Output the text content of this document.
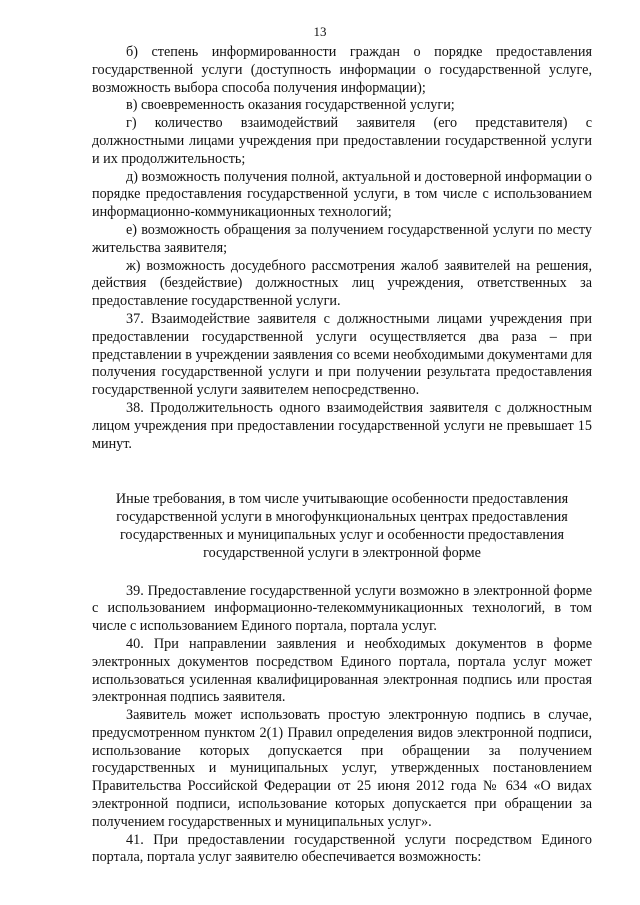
13

б) степень информированности граждан о порядке предоставления государственной услуги (доступность информации о государственной услуге, возможность выбора способа получения информации);

в) своевременность оказания государственной услуги;

г) количество взаимодействий заявителя (его представителя) с должностными лицами учреждения при предоставлении государственной услуги и их продолжительность;

д) возможность получения полной, актуальной и достоверной информации о порядке предоставления государственной услуги, в том числе с использованием информационно-коммуникационных технологий;

е) возможность обращения за получением государственной услуги по месту жительства заявителя;

ж) возможность досудебного рассмотрения жалоб заявителей на решения, действия (бездействие) должностных лиц учреждения, ответственных за предоставление государственной услуги.

37. Взаимодействие заявителя с должностными лицами учреждения при предоставлении государственной услуги осуществляется два раза – при представлении в учреждении заявления со всеми необходимыми документами для получения государственной услуги и при получении результата предоставления государственной услуги заявителем непосредственно.

38. Продолжительность одного взаимодействия заявителя с должностным лицом учреждения при предоставлении государственной услуги не превышает 15 минут.

Иные требования, в том числе учитывающие особенности предоставления государственной услуги в многофункциональных центрах предоставления государственных и муниципальных услуг и особенности предоставления государственной услуги в электронной форме

39. Предоставление государственной услуги возможно в электронной форме с использованием информационно-телекоммуникационных технологий, в том числе с использованием Единого портала, портала услуг.

40. При направлении заявления и необходимых документов в форме электронных документов посредством Единого портала, портала услуг может использоваться усиленная квалифицированная электронная подпись или простая электронная подпись заявителя.

Заявитель может использовать простую электронную подпись в случае, предусмотренном пунктом 2(1) Правил определения видов электронной подписи, использование которых допускается при обращении за получением государственных и муниципальных услуг, утвержденных постановлением Правительства Российской Федерации от 25 июня 2012 года № 634 «О видах электронной подписи, использование которых допускается при обращении за получением государственных и муниципальных услуг».

41. При предоставлении государственной услуги посредством Единого портала, портала услуг заявителю обеспечивается возможность:
